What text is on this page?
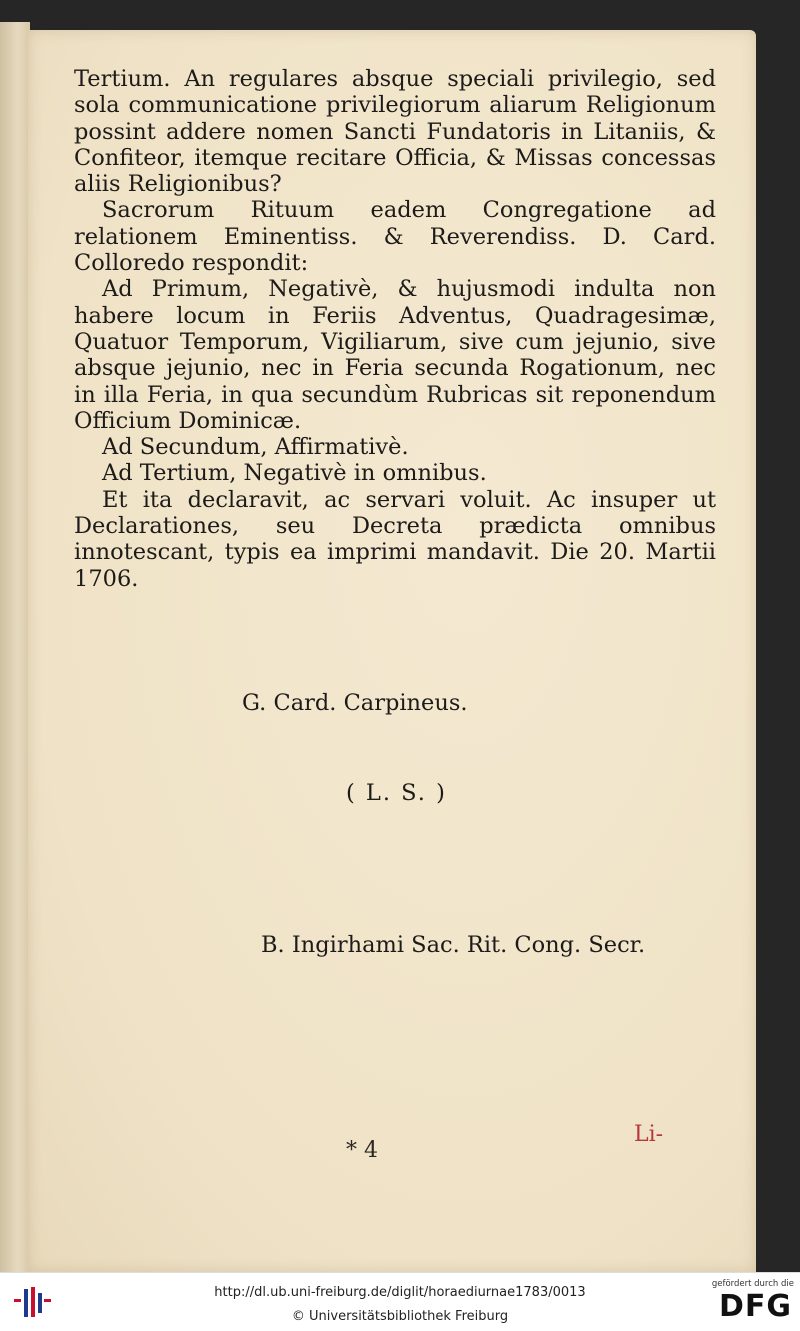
Tertium. An regulares absque speciali privilegio, sed sola communicatione privilegiorum aliarum Religionum possint addere nomen Sancti Fundatoris in Litaniis, & Confiteor, itemque recitare Officia, & Missas concessas aliis Religionibus?

Sacrorum Rituum eadem Congregatione ad relationem Eminentiss. & Reverendiss. D. Card. Colloredo respondit:

Ad Primum, Negativè, & hujusmodi indulta non habere locum in Feriis Adventus, Quadragesimæ, Quatuor Temporum, Vigiliarum, sive cum jejunio, sive absque jejunio, nec in Feria secunda Rogationum, nec in illa Feria, in qua secundùm Rubricas sit reponendum Officium Dominicæ.

Ad Secundum, Affirmativè.

Ad Tertium, Negativè in omnibus.

Et ita declaravit, ac servari voluit. Ac insuper ut Declarationes, seu Decreta prædicta omnibus innotescant, typis ea imprimi mandavit. Die 20. Martii 1706.

G. Card. Carpineus.
( L. S. )
B. Ingirhami Sac. Rit. Cong. Secr.
* 4
Li-
http://dl.ub.uni-freiburg.de/diglit/horaediurnae1783/0013
© Universitätsbibliothek Freiburg
gefördert durch die
DFG
